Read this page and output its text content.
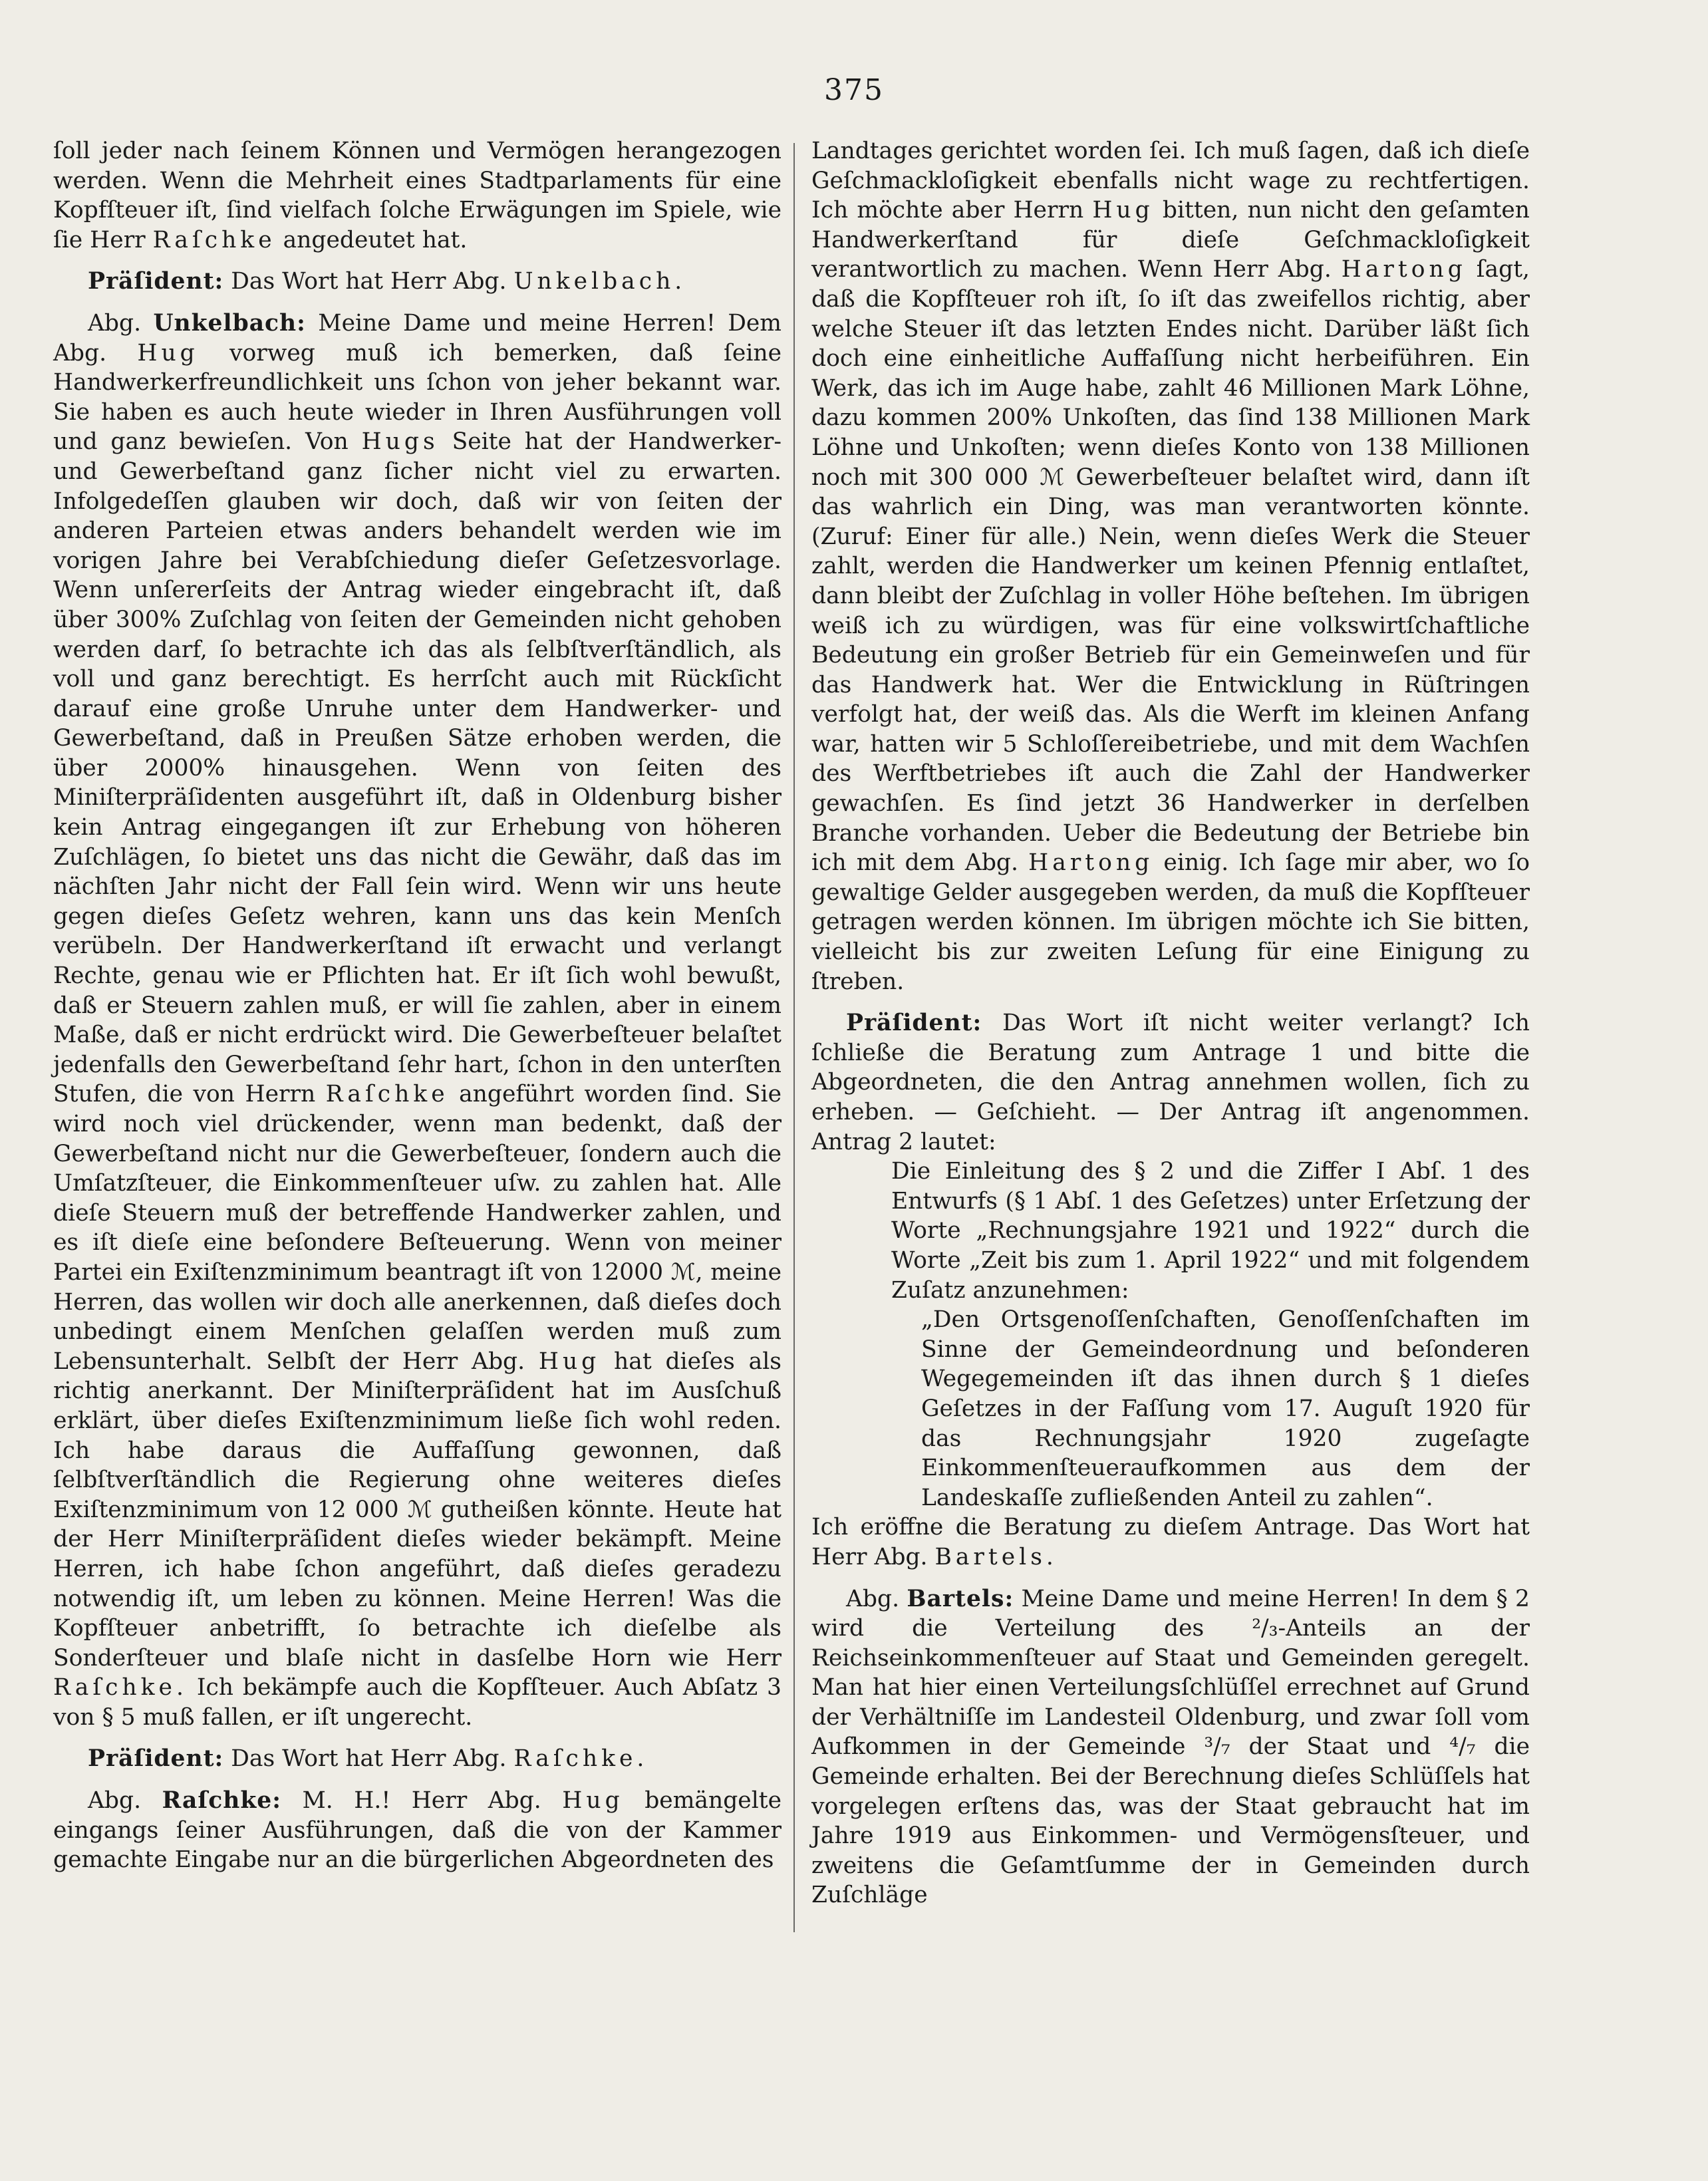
375

ſoll jeder nach ſeinem Können und Vermögen herangezogen werden. Wenn die Mehrheit eines Stadtparlaments für eine Kopfſteuer iſt, ſind vielfach ſolche Erwägungen im Spiele, wie ſie Herr Raſchke angedeutet hat.

Präſident: Das Wort hat Herr Abg. Unkelbach.

Abg. Unkelbach: Meine Dame und meine Herren! Dem Abg. Hug vorweg muß ich bemerken, daß ſeine Handwerkerfreundlichkeit uns ſchon von jeher bekannt war. Sie haben es auch heute wieder in Ihren Ausführungen voll und ganz bewieſen. Von Hugs Seite hat der Handwerker- und Gewerbeſtand ganz ſicher nicht viel zu erwarten. Infolgedeſſen glauben wir doch, daß wir von ſeiten der anderen Parteien etwas anders behandelt werden wie im vorigen Jahre bei Verabſchiedung dieſer Geſetzesvorlage. Wenn unſererſeits der Antrag wieder eingebracht iſt, daß über 300% Zuſchlag von ſeiten der Gemeinden nicht gehoben werden darf, ſo betrachte ich das als ſelbſtverſtändlich, als voll und ganz berechtigt. Es herrſcht auch mit Rückſicht darauf eine große Unruhe unter dem Handwerker- und Gewerbeſtand, daß in Preußen Sätze erhoben werden, die über 2000% hinausgehen. Wenn von ſeiten des Miniſterpräſidenten ausgeführt iſt, daß in Oldenburg bisher kein Antrag eingegangen iſt zur Erhebung von höheren Zuſchlägen, ſo bietet uns das nicht die Gewähr, daß das im nächſten Jahr nicht der Fall ſein wird. Wenn wir uns heute gegen dieſes Geſetz wehren, kann uns das kein Menſch verübeln. Der Handwerkerſtand iſt erwacht und verlangt Rechte, genau wie er Pflichten hat. Er iſt ſich wohl bewußt, daß er Steuern zahlen muß, er will ſie zahlen, aber in einem Maße, daß er nicht erdrückt wird. Die Gewerbeſteuer belaſtet jedenfalls den Gewerbeſtand ſehr hart, ſchon in den unterſten Stufen, die von Herrn Raſchke angeführt worden ſind. Sie wird noch viel drückender, wenn man bedenkt, daß der Gewerbeſtand nicht nur die Gewerbeſteuer, ſondern auch die Umſatzſteuer, die Einkommenſteuer uſw. zu zahlen hat. Alle dieſe Steuern muß der betreffende Handwerker zahlen, und es iſt dieſe eine beſondere Beſteuerung. Wenn von meiner Partei ein Exiſtenzminimum beantragt iſt von 12000 ℳ, meine Herren, das wollen wir doch alle anerkennen, daß dieſes doch unbedingt einem Menſchen gelaſſen werden muß zum Lebensunterhalt. Selbſt der Herr Abg. Hug hat dieſes als richtig anerkannt. Der Miniſterpräſident hat im Ausſchuß erklärt, über dieſes Exiſtenzminimum ließe ſich wohl reden. Ich habe daraus die Auffaſſung gewonnen, daß ſelbſtverſtändlich die Regierung ohne weiteres dieſes Exiſtenzminimum von 12 000 ℳ gutheißen könnte. Heute hat der Herr Miniſterpräſident dieſes wieder bekämpft. Meine Herren, ich habe ſchon angeführt, daß dieſes geradezu notwendig iſt, um leben zu können. Meine Herren! Was die Kopfſteuer anbetrifft, ſo betrachte ich dieſelbe als Sonderſteuer und blaſe nicht in dasſelbe Horn wie Herr Raſchke. Ich bekämpfe auch die Kopfſteuer. Auch Abſatz 3 von § 5 muß fallen, er iſt ungerecht.

Präſident: Das Wort hat Herr Abg. Raſchke.

Abg. Raſchke: M. H.! Herr Abg. Hug bemängelte eingangs ſeiner Ausführungen, daß die von der Kammer gemachte Eingabe nur an die bürgerlichen Abgeordneten des

Landtages gerichtet worden ſei. Ich muß ſagen, daß ich dieſe Geſchmackloſigkeit ebenfalls nicht wage zu rechtfertigen. Ich möchte aber Herrn Hug bitten, nun nicht den geſamten Handwerkerſtand für dieſe Geſchmackloſigkeit verantwortlich zu machen. Wenn Herr Abg. Hartong ſagt, daß die Kopfſteuer roh iſt, ſo iſt das zweifellos richtig, aber welche Steuer iſt das letzten Endes nicht. Darüber läßt ſich doch eine einheitliche Auffaſſung nicht herbeiführen. Ein Werk, das ich im Auge habe, zahlt 46 Millionen Mark Löhne, dazu kommen 200% Unkoſten, das ſind 138 Millionen Mark Löhne und Unkoſten; wenn dieſes Konto von 138 Millionen noch mit 300 000 ℳ Gewerbeſteuer belaſtet wird, dann iſt das wahrlich ein Ding, was man verantworten könnte. (Zuruf: Einer für alle.) Nein, wenn dieſes Werk die Steuer zahlt, werden die Handwerker um keinen Pfennig entlaſtet, dann bleibt der Zuſchlag in voller Höhe beſtehen. Im übrigen weiß ich zu würdigen, was für eine volkswirtſchaftliche Bedeutung ein großer Betrieb für ein Gemeinweſen und für das Handwerk hat. Wer die Entwicklung in Rüſtringen verfolgt hat, der weiß das. Als die Werft im kleinen Anfang war, hatten wir 5 Schloſſereibetriebe, und mit dem Wachſen des Werftbetriebes iſt auch die Zahl der Handwerker gewachſen. Es ſind jetzt 36 Handwerker in derſelben Branche vorhanden. Ueber die Bedeutung der Betriebe bin ich mit dem Abg. Hartong einig. Ich ſage mir aber, wo ſo gewaltige Gelder ausgegeben werden, da muß die Kopfſteuer getragen werden können. Im übrigen möchte ich Sie bitten, vielleicht bis zur zweiten Leſung für eine Einigung zu ſtreben.

Präſident: Das Wort iſt nicht weiter verlangt? Ich ſchließe die Beratung zum Antrage 1 und bitte die Abgeordneten, die den Antrag annehmen wollen, ſich zu erheben. — Geſchieht. — Der Antrag iſt angenommen. Antrag 2 lautet:

Die Einleitung des § 2 und die Ziffer I Abſ. 1 des Entwurfs (§ 1 Abſ. 1 des Geſetzes) unter Erſetzung der Worte „Rechnungsjahre 1921 und 1922“ durch die Worte „Zeit bis zum 1. April 1922“ und mit folgendem Zuſatz anzunehmen:

„Den Ortsgenoſſenſchaften, Genoſſenſchaften im Sinne der Gemeindeordnung und beſonderen Wegegemeinden iſt das ihnen durch § 1 dieſes Geſetzes in der Faſſung vom 17. Auguſt 1920 für das Rechnungsjahr 1920 zugeſagte Einkommenſteueraufkommen aus dem der Landeskaſſe zufließenden Anteil zu zahlen“.

Ich eröffne die Beratung zu dieſem Antrage. Das Wort hat Herr Abg. Bartels.

Abg. Bartels: Meine Dame und meine Herren! In dem § 2 wird die Verteilung des ²/₃-Anteils an der Reichseinkommenſteuer auf Staat und Gemeinden geregelt. Man hat hier einen Verteilungsſchlüſſel errechnet auf Grund der Verhältniſſe im Landesteil Oldenburg, und zwar ſoll vom Aufkommen in der Gemeinde ³/₇ der Staat und ⁴/₇ die Gemeinde erhalten. Bei der Berechnung dieſes Schlüſſels hat vorgelegen erſtens das, was der Staat gebraucht hat im Jahre 1919 aus Einkommen- und Vermögensſteuer, und zweitens die Geſamtſumme der in Gemeinden durch Zuſchläge
